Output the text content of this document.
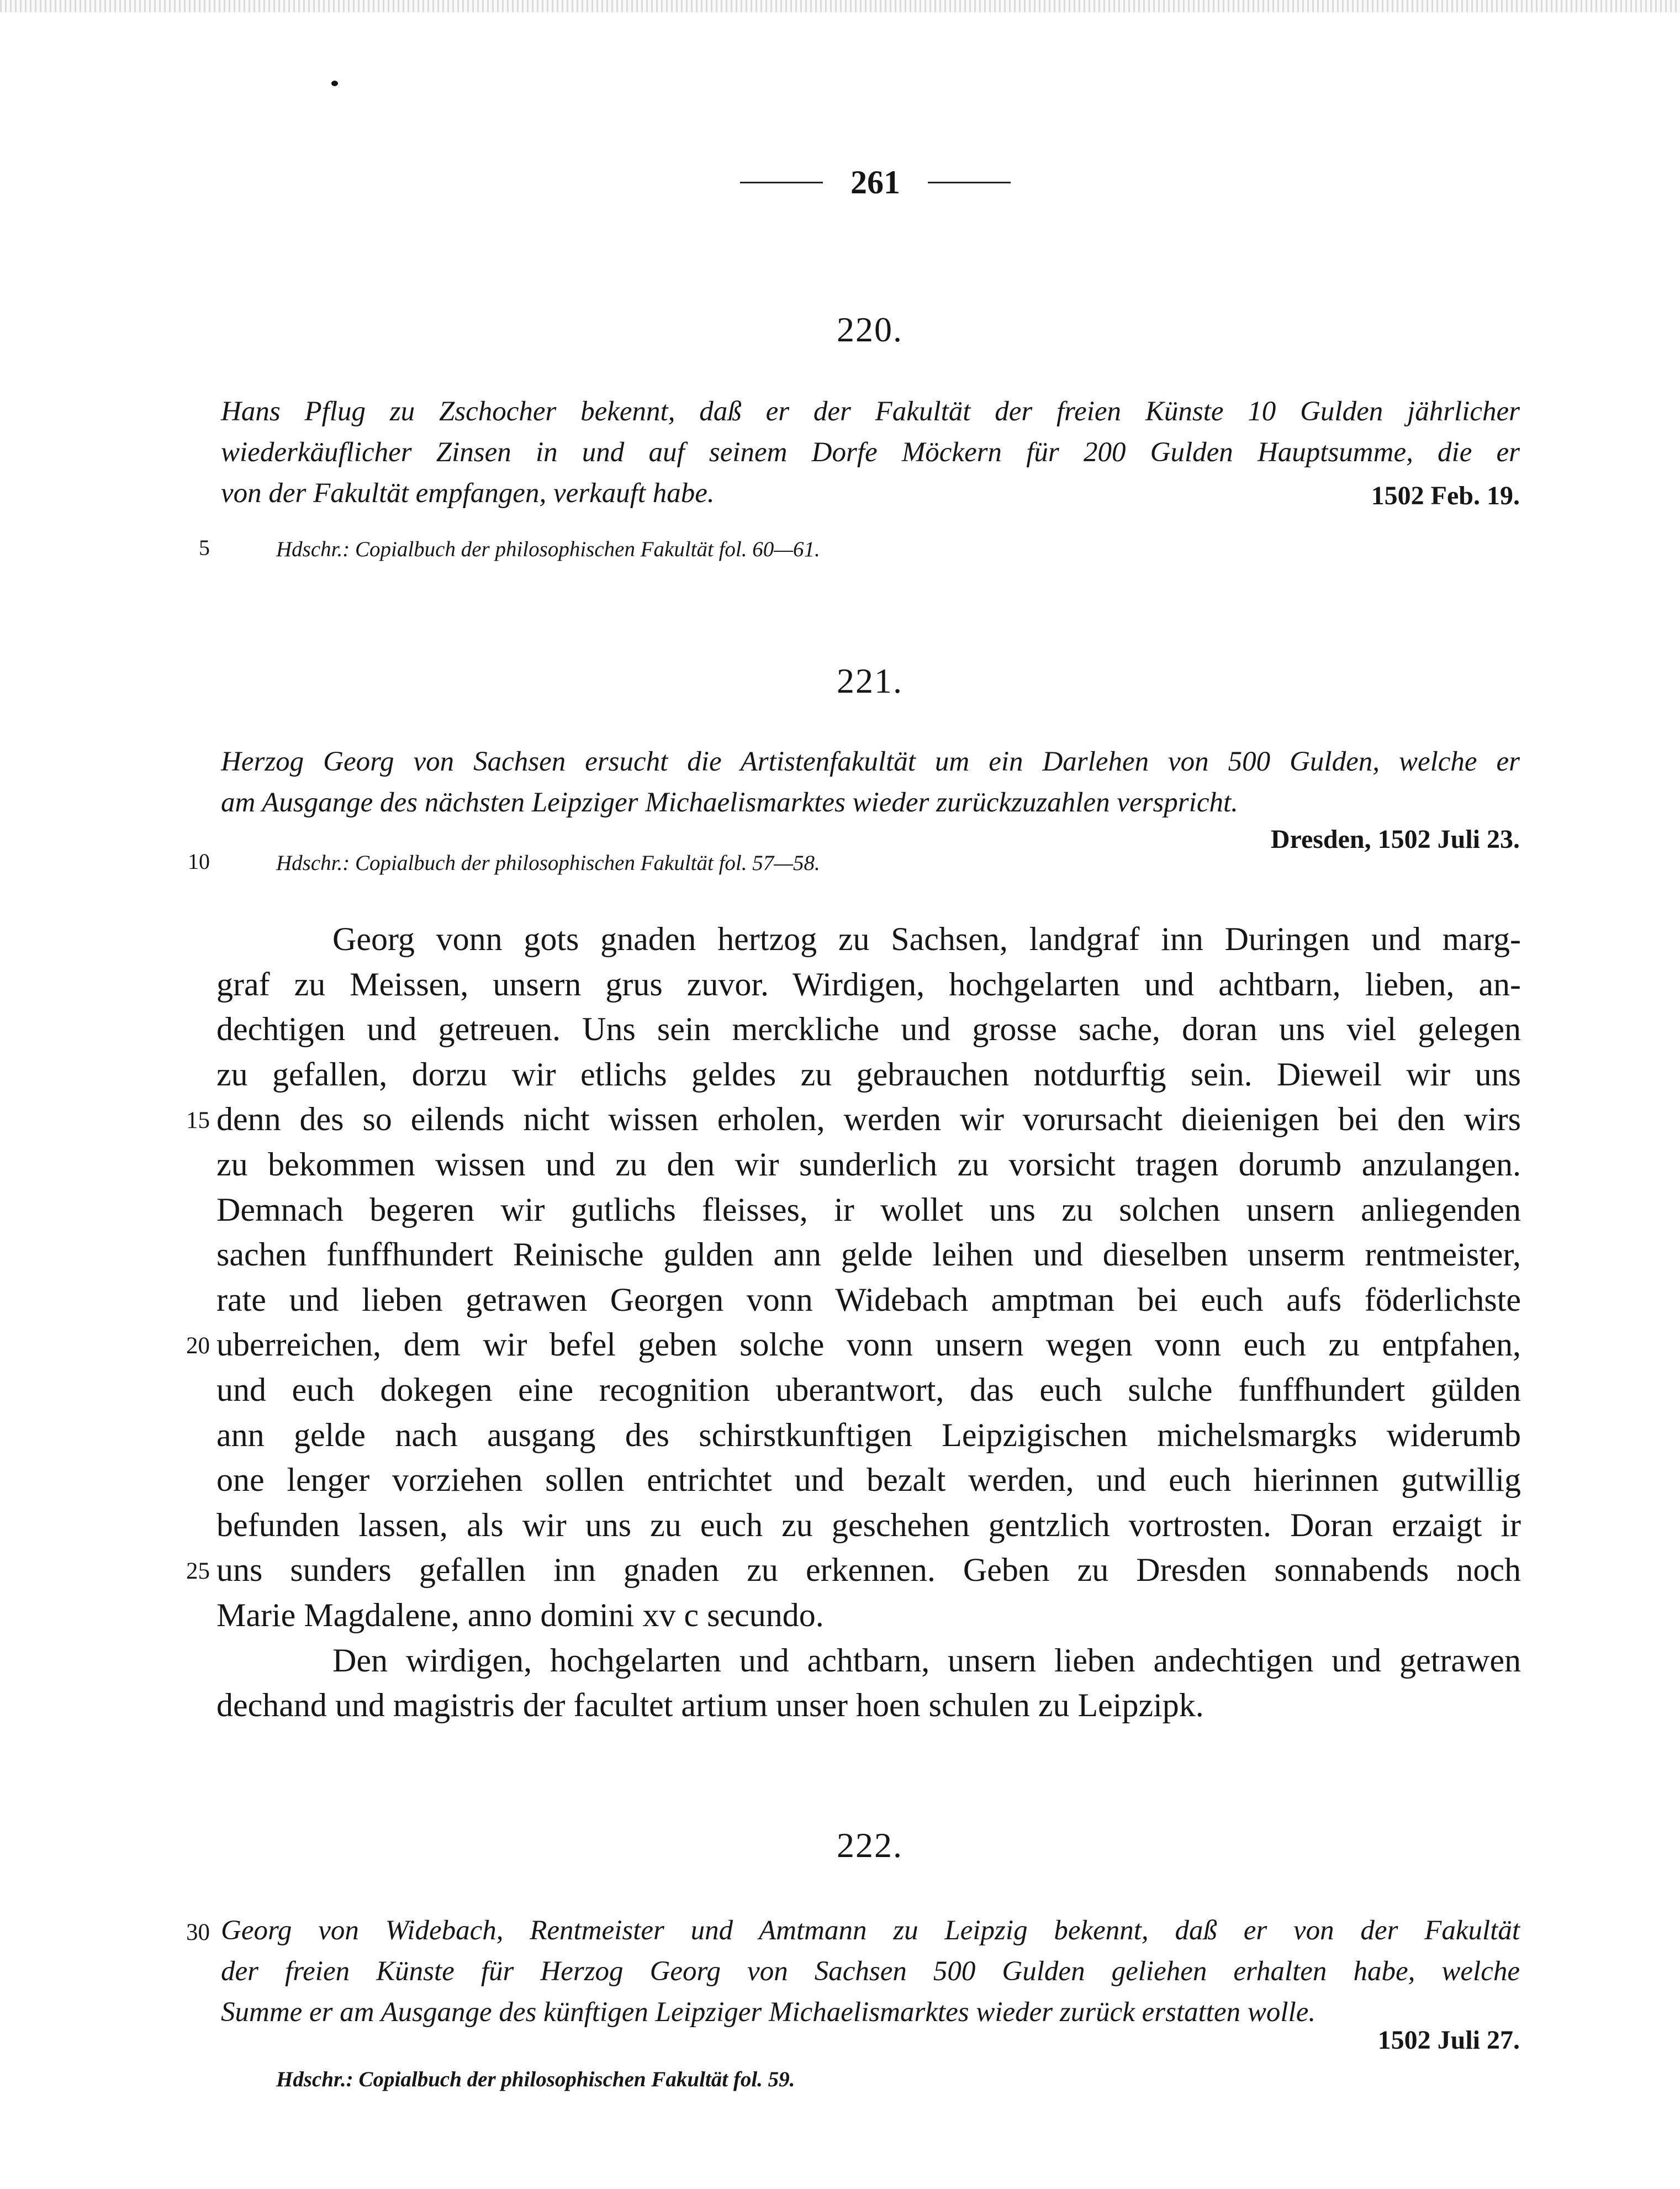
261
220.
Hans Pflug zu Zschocher bekennt, daß er der Fakultät der freien Künste 10 Gulden jährlicher
wiederkäuflicher Zinsen in und auf seinem Dorfe Möckern für 200 Gulden Hauptsumme, die er
von der Fakultät empfangen, verkauft habe.	1502 Feb. 19.
5	Hdschr.: Copialbuch der philosophischen Fakultät fol. 60—61.
221.
Herzog Georg von Sachsen ersucht die Artistenfakultät um ein Darlehen von 500 Gulden, welche er
am Ausgange des nächsten Leipziger Michaelismarktes wieder zurückzuzahlen verspricht.
Dresden, 1502 Juli 23.
10	Hdschr.: Copialbuch der philosophischen Fakultät fol. 57—58.
Georg vonn gots gnaden hertzog zu Sachsen, landgraf inn Duringen und marg-
graf zu Meissen, unsern grus zuvor. Wirdigen, hochgelarten und achtbarn, lieben, an-
dechtigen und getreuen. Uns sein merckliche und grosse sache, doran uns viel gelegen
zu gefallen, dorzu wir etlichs geldes zu gebrauchen notdurftig sein. Dieweil wir uns
denn des so eilends nicht wissen erholen, werden wir vorursacht dieienigen bei den wirs
zu bekommen wissen und zu den wir sunderlich zu vorsicht tragen dorumb anzulangen.
Demnach begeren wir gutlichs fleisses, ir wollet uns zu solchen unsern anliegenden
sachen funffhundert Reinische gulden ann gelde leihen und dieselben unserm rentmeister,
rate und lieben getrawen Georgen vonn Widebach amptman bei euch aufs föderlichste
uberreichen, dem wir befel geben solche vonn unsern wegen vonn euch zu entpfahen,
und euch dokegen eine recognition uberantwort, das euch sulche funffhundert gülden
ann gelde nach ausgang des schirstkunftigen Leipzigischen michelsmargks widerumb
one lenger vorziehen sollen entrichtet und bezalt werden, und euch hierinnen gutwillig
befunden lassen, als wir uns zu euch zu geschehen gentzlich vortrosten. Doran erzaigt ir
uns sunders gefallen inn gnaden zu erkennen. Geben zu Dresden sonnabends noch
Marie Magdalene, anno domini xv c secundo.
Den wirdigen, hochgelarten und achtbarn, unsern lieben andechtigen und getrawen
dechand und magistris der facultet artium unser hoen schulen zu Leipzipk.
15
20
25
222.
30 Georg von Widebach, Rentmeister und Amtmann zu Leipzig bekennt, daß er von der Fakultät
der freien Künste für Herzog Georg von Sachsen 500 Gulden geliehen erhalten habe, welche
Summe er am Ausgange des künftigen Leipziger Michaelismarktes wieder zurück erstatten wolle.
1502 Juli 27.
Hdschr.: Copialbuch der philosophischen Fakultät fol. 59.
